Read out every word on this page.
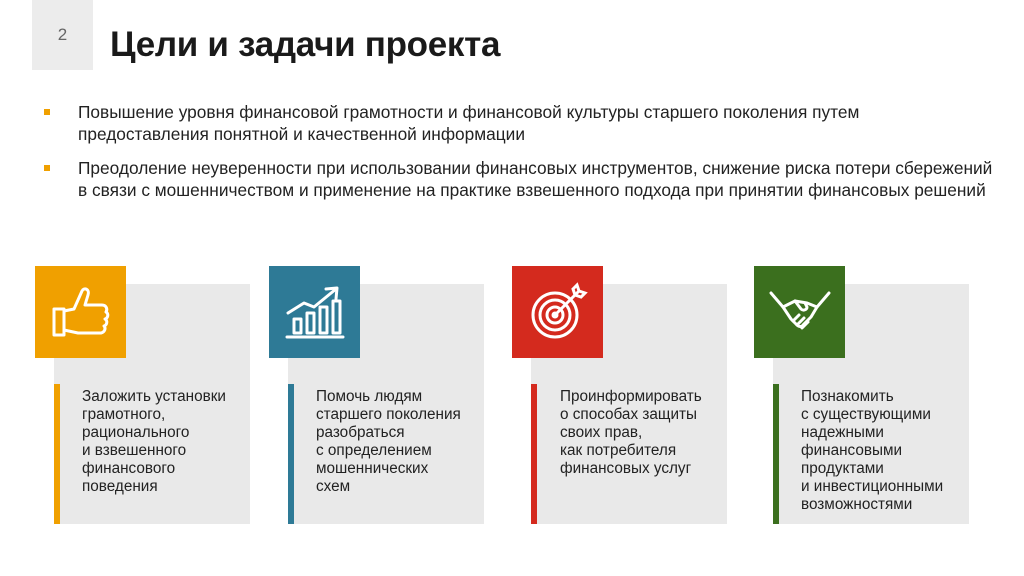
2	Цели и задачи проекта
Повышение уровня финансовой грамотности и финансовой культуры старшего поколения путем предоставления понятной и качественной информации
Преодоление неуверенности при использовании финансовых инструментов, снижение риска потери сбережений в связи с мошенничеством и применение на практике взвешенного подхода при принятии финансовых решений
Заложить установки
грамотного,
рационального
и взвешенного
финансового
поведения
Помочь людям
старшего поколения
разобраться
с определением
мошеннических
схем
Проинформировать
о способах защиты
своих прав,
как потребителя
финансовых услуг
Познакомить
с существующими
надежными
финансовыми
продуктами
и инвестиционными
возможностями
